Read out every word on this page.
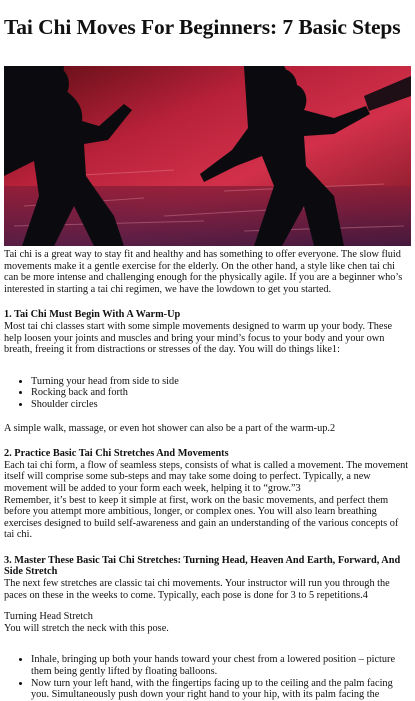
Tai Chi Moves For Beginners: 7 Basic Steps

Tai chi is a great way to stay fit and healthy and has something to offer everyone. The slow fluid movements make it a gentle exercise for the elderly. On the other hand, a style like chen tai chi can be more intense and challenging enough for the physically agile. If you are a beginner who’s interested in starting a tai chi regimen, we have the lowdown to get you started.

1. Tai Chi Must Begin With A Warm-Up

Most tai chi classes start with some simple movements designed to warm up your body. These help loosen your joints and muscles and bring your mind’s focus to your body and your own breath, freeing it from distractions or stresses of the day. You will do things like1:

• Turning your head from side to side
• Rocking back and forth
• Shoulder circles

A simple walk, massage, or even hot shower can also be a part of the warm-up.2

2. Practice Basic Tai Chi Stretches And Movements

Each tai chi form, a flow of seamless steps, consists of what is called a movement. The movement itself will comprise some sub-steps and may take some doing to perfect. Typically, a new movement will be added to your form each week, helping it to “grow.”3

Remember, it’s best to keep it simple at first, work on the basic movements, and perfect them before you attempt more ambitious, longer, or complex ones. You will also learn breathing exercises designed to build self-awareness and gain an understanding of the various concepts of tai chi.

3. Master These Basic Tai Chi Stretches: Turning Head, Heaven And Earth, Forward, And Side Stretch

The next few stretches are classic tai chi movements. Your instructor will run you through the paces on these in the weeks to come. Typically, each pose is done for 3 to 5 repetitions.4

Turning Head Stretch

You will stretch the neck with this pose.

• Inhale, bringing up both your hands toward your chest from a lowered position – picture them being gently lifted by floating balloons.
• Now turn your left hand, with the fingertips facing up to the ceiling and the palm facing you. Simultaneously push down your right hand to your hip, with its palm facing the
